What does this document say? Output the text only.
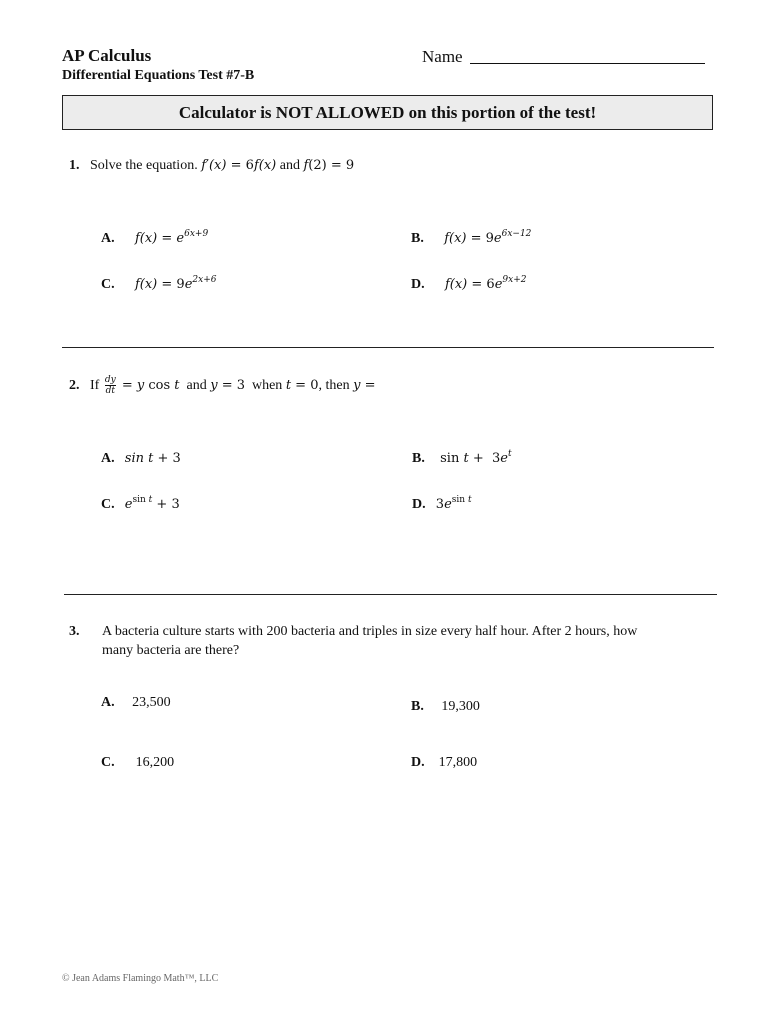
AP Calculus
Differential Equations Test #7-B
Name
Calculator is NOT ALLOWED on this portion of the test!
1. Solve the equation. f′(x) = 6f(x) and f(2) = 9
A. $f(x) = e^{6x+9}$	B. $f(x) = 9e^{6x-12}$
C. $f(x) = 9e^{2x+6}$	D. $f(x) = 6e^{9x+2}$
2.
If
$\frac{dy}{dt} = y$ cos t
and
y = 3
when
t = 0 , then
y =
A. sin t + 3	B. $\sin t + 3e^t$
C. $e^{sin t} + 3$	D. $3e^{sin t}$
3.	A bacteria culture starts with 200 bacteria and triples in size every half hour. After 2 hours, how many bacteria are there?
A. 23,500	B. 19,300
C. 16,200	D. 17,800
© Jean Adams Flamingo Math™, LLC
